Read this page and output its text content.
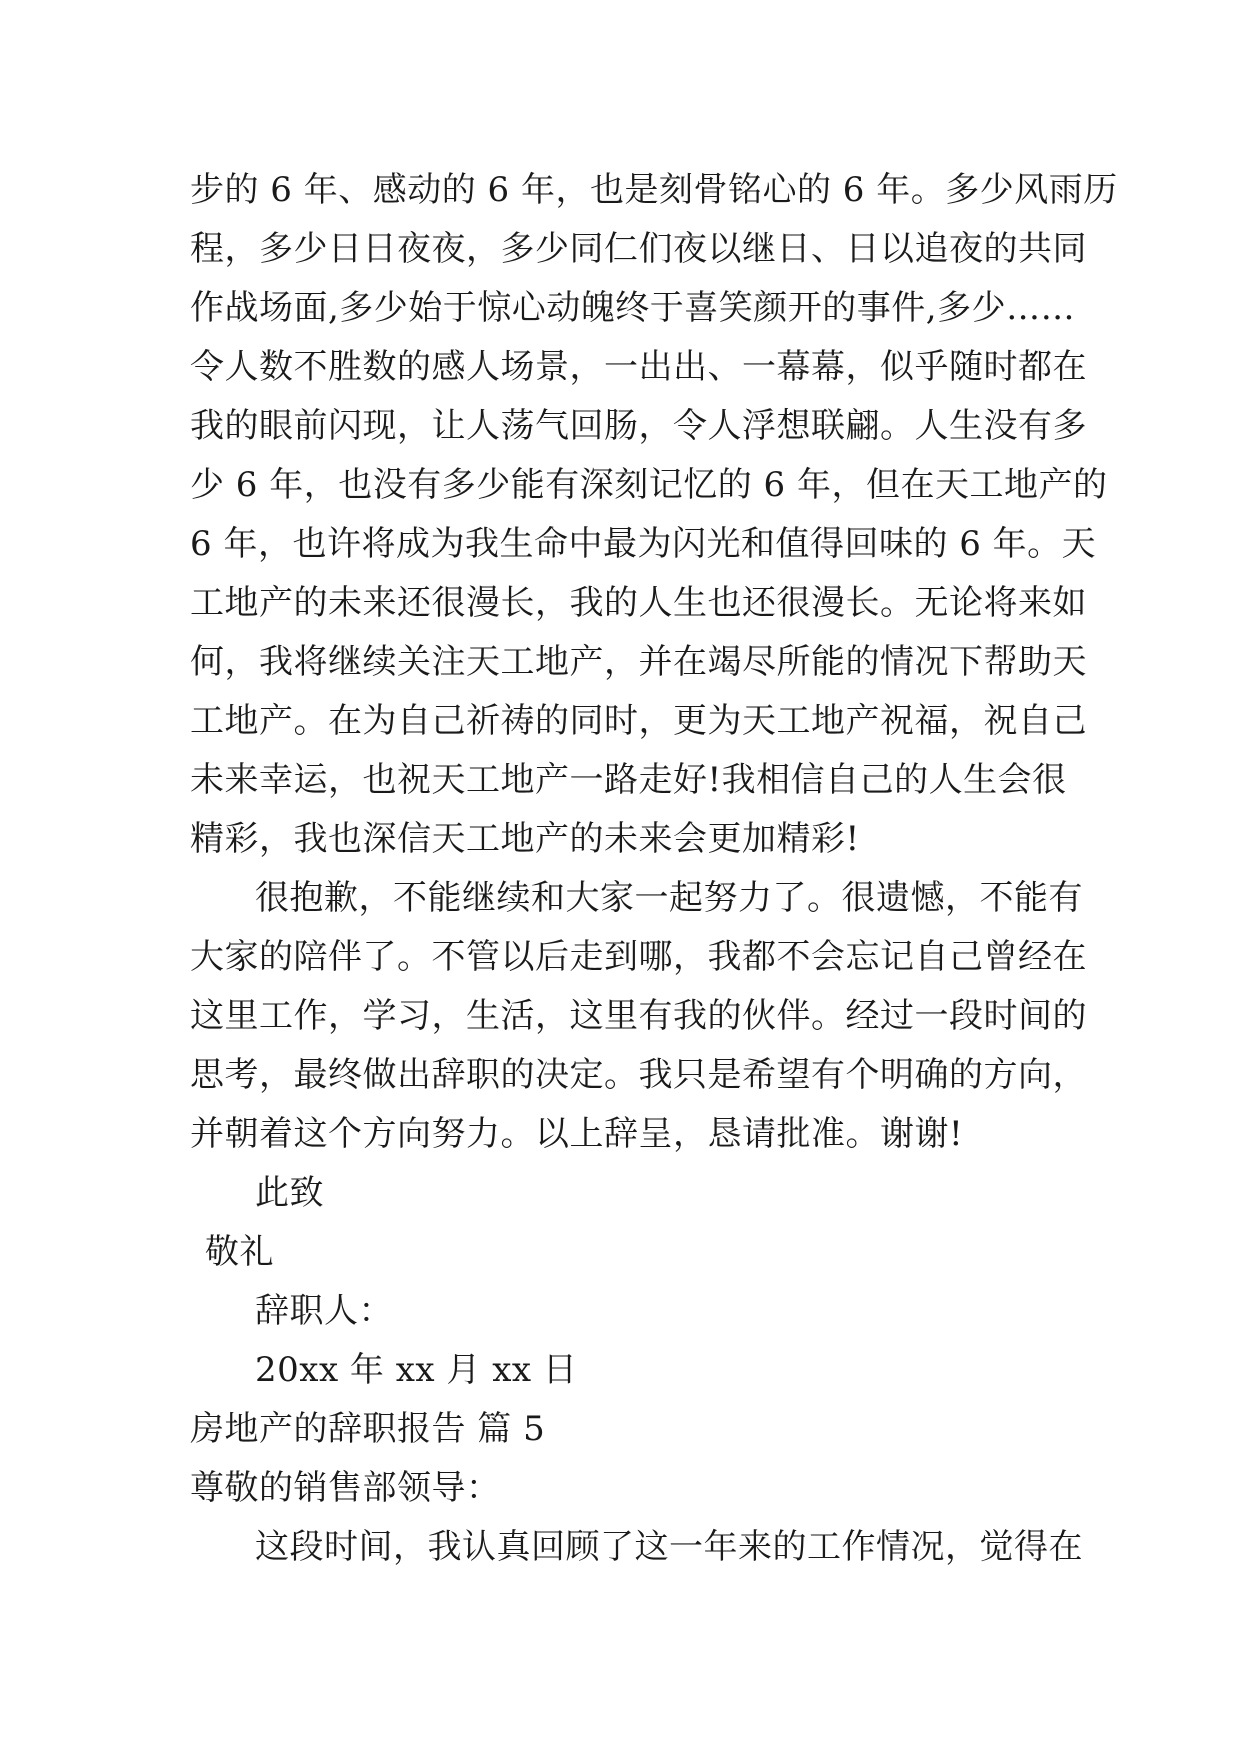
步的 6 年、感动的 6 年，也是刻骨铭心的 6 年。多少风雨历
程，多少日日夜夜，多少同仁们夜以继日、日以追夜的共同
作战场面,多少始于惊心动魄终于喜笑颜开的事件,多少……
令人数不胜数的感人场景，一出出、一幕幕，似乎随时都在
我的眼前闪现，让人荡气回肠，令人浮想联翩。人生没有多
少 6 年，也没有多少能有深刻记忆的 6 年，但在天工地产的
6 年，也许将成为我生命中最为闪光和值得回味的 6 年。天
工地产的未来还很漫长，我的人生也还很漫长。无论将来如
何，我将继续关注天工地产，并在竭尽所能的情况下帮助天
工地产。在为自己祈祷的同时，更为天工地产祝福，祝自己
未来幸运，也祝天工地产一路走好!我相信自己的人生会很
精彩，我也深信天工地产的未来会更加精彩!
很抱歉，不能继续和大家一起努力了。很遗憾，不能有
大家的陪伴了。不管以后走到哪，我都不会忘记自己曾经在
这里工作，学习，生活，这里有我的伙伴。经过一段时间的
思考，最终做出辞职的决定。我只是希望有个明确的方向，
并朝着这个方向努力。以上辞呈，恳请批准。谢谢!
此致
敬礼
辞职人：
20xx 年 xx 月 xx 日
房地产的辞职报告 篇 5
尊敬的销售部领导：
这段时间，我认真回顾了这一年来的工作情况，觉得在
